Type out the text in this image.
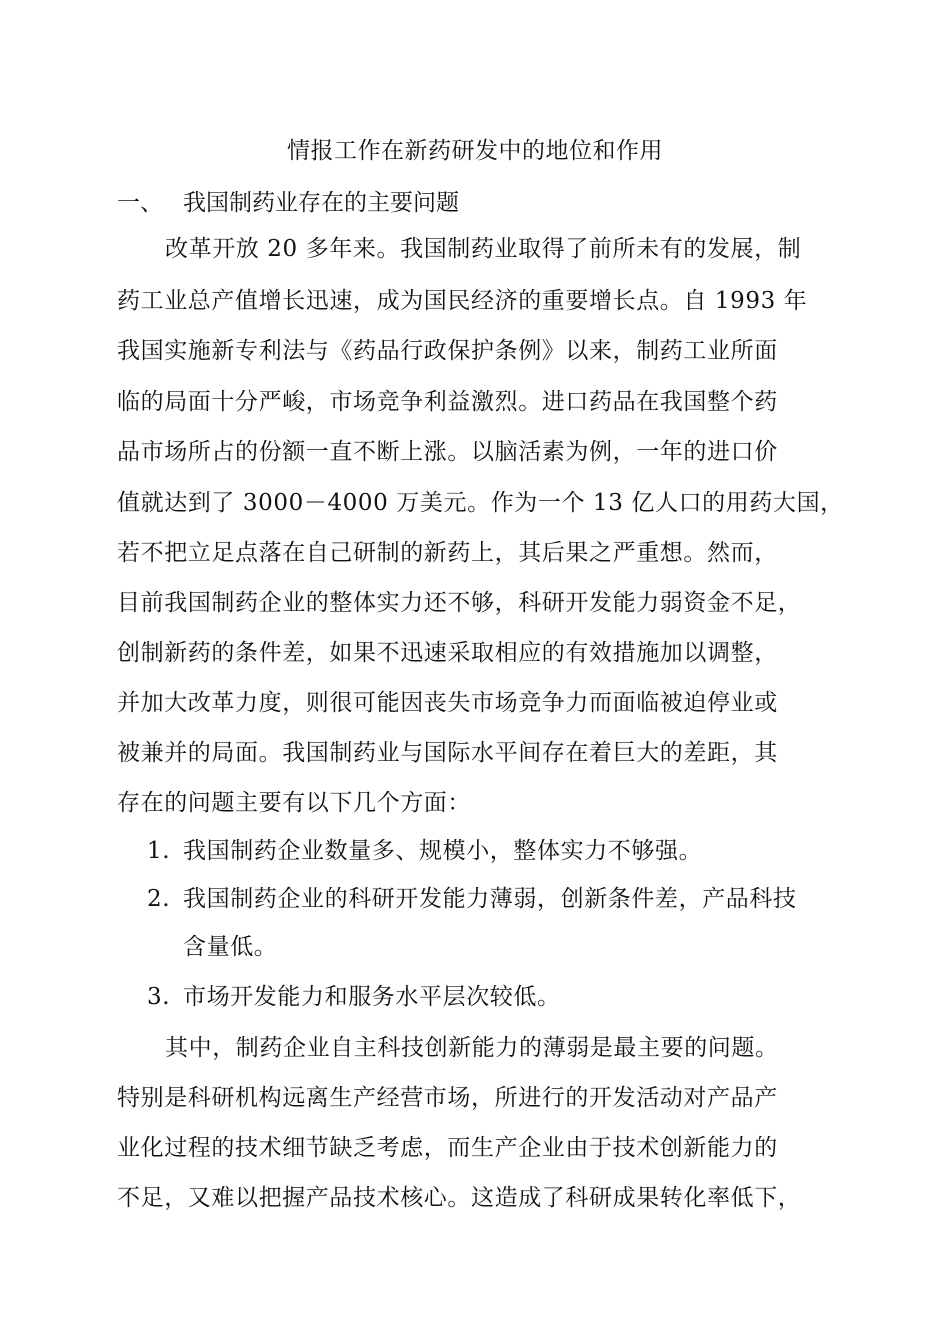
情报工作在新药研发中的地位和作用
一、 我国制药业存在的主要问题
改革开放 20 多年来。我国制药业取得了前所未有的发展，制
药工业总产值增长迅速，成为国民经济的重要增长点。自 1993 年
我国实施新专利法与《药品行政保护条例》以来，制药工业所面
临的局面十分严峻，市场竞争利益激烈。进口药品在我国整个药
品市场所占的份额一直不断上涨。以脑活素为例，一年的进口价
值就达到了 3000－4000 万美元。作为一个 13 亿人口的用药大国，
若不把立足点落在自己研制的新药上，其后果之严重想。然而，
目前我国制药企业的整体实力还不够，科研开发能力弱资金不足，
创制新药的条件差，如果不迅速采取相应的有效措施加以调整，
并加大改革力度，则很可能因丧失市场竞争力而面临被迫停业或
被兼并的局面。我国制药业与国际水平间存在着巨大的差距，其
存在的问题主要有以下几个方面：
1. 我国制药企业数量多、规模小，整体实力不够强。
2. 我国制药企业的科研开发能力薄弱，创新条件差，产品科技
含量低。
3. 市场开发能力和服务水平层次较低。
其中，制药企业自主科技创新能力的薄弱是最主要的问题。
特别是科研机构远离生产经营市场，所进行的开发活动对产品产
业化过程的技术细节缺乏考虑，而生产企业由于技术创新能力的
不足，又难以把握产品技术核心。这造成了科研成果转化率低下，
